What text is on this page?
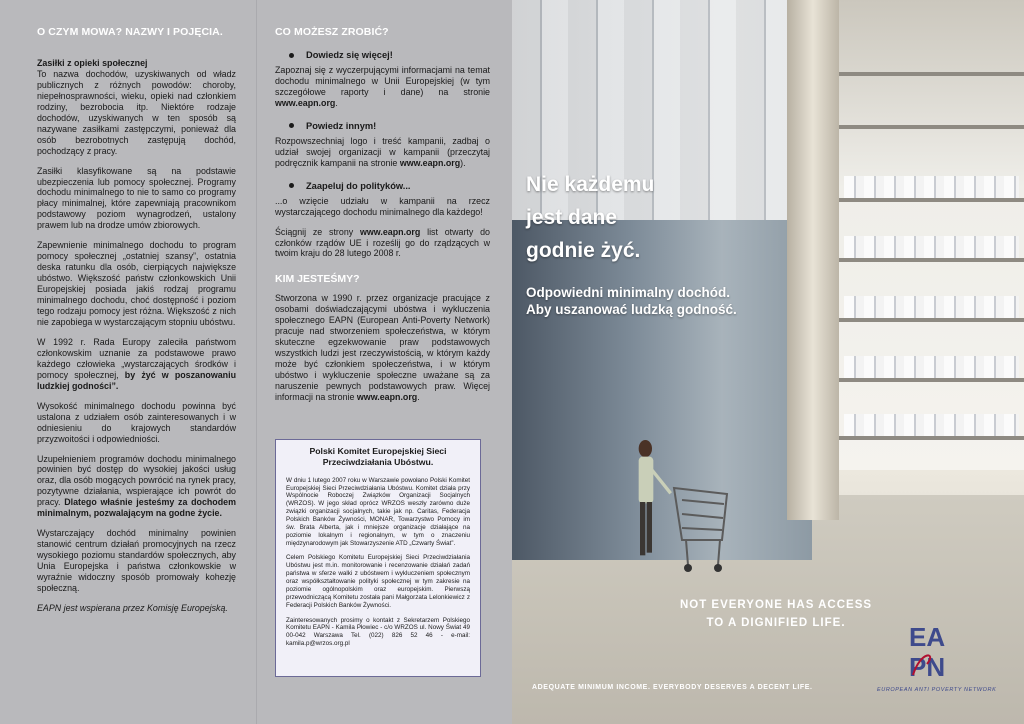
O CZYM MOWA? NAZWY I POJĘCIA.

Zasiłki z opieki społecznej

To nazwa dochodów, uzyskiwanych od władz publicznych z różnych powodów: choroby, niepełnosprawności, wieku, opieki nad członkiem rodziny, bezrobocia itp. Niektóre rodzaje dochodów, uzyskiwanych w ten sposób są nazywane zasiłkami zastępczymi, ponieważ dla osób bezrobotnych zastępują dochód, pochodzący z pracy.

Zasiłki klasyfikowane są na podstawie ubezpieczenia lub pomocy społecznej. Programy dochodu minimalnego to nie to samo co programy płacy minimalnej, które zapewniają pracownikom podstawowy poziom wynagrodzeń, ustalony prawem lub na drodze umów zbiorowych.

Zapewnienie minimalnego dochodu to program pomocy społecznej „ostatniej szansy”, ostatnia deska ratunku dla osób, cierpiących największe ubóstwo. Większość państw członkowskich Unii Europejskiej posiada jakiś rodzaj programu minimalnego dochodu, choć dostępność i poziom tego rodzaju pomocy jest różna. Większość z nich nie zapobiega w wystarczającym stopniu ubóstwu.

W 1992 r. Rada Europy zaleciła państwom członkowskim uznanie za podstawowe prawo każdego człowieka „wystarczających środków i pomocy społecznej, by żyć w poszanowaniu ludzkiej godności”.

Wysokość minimalnego dochodu powinna być ustalona z udziałem osób zainteresowanych i w odniesieniu do krajowych standardów przyzwoitości i odpowiedniości.

Uzupełnieniem programów dochodu minimalnego powinien być dostęp do wysokiej jakości usług oraz, dla osób mogących powrócić na rynek pracy, pozytywne działania, wspierające ich powrót do pracy. Dlatego właśnie jesteśmy za dochodem minimalnym, pozwalającym na godne życie.

Wystarczający dochód minimalny powinien stanowić centrum działań promocyjnych na rzecz wysokiego poziomu standardów społecznych, aby Unia Europejska i państwa członkowskie w wyraźnie widoczny sposób promowały kohezję społeczną.

EAPN jest wspierana przez Komisję Europejską.

CO MOŻESZ ZROBIĆ?
Dowiedz się więcej!

Zapoznaj się z wyczerpującymi informacjami na temat dochodu minimalnego w Unii Europejskiej (w tym szczegółowe raporty i dane) na stronie www.eapn.org.

Powiedz innym!

Rozpowszechniaj logo i treść kampanii, zadbaj o udział swojej organizacji w kampanii (przeczytaj podręcznik kampanii na stronie www.eapn.org).

Zaapeluj do polityków...

...o wzięcie udziału w kampanii na rzecz wystarczającego dochodu minimalnego dla każdego!

Ściągnij ze strony www.eapn.org list otwarty do członków rządów UE i roześlij go do rządzących w twoim kraju do 28 lutego 2008 r.

KIM JESTEŚMY?

Stworzona w 1990 r. przez organizacje pracujące z osobami doświadczającymi ubóstwa i wykluczenia społecznego EAPN (European Anti-Poverty Network) pracuje nad stworzeniem społeczeństwa, w którym skuteczne egzekwowanie praw podstawowych wszystkich ludzi jest rzeczywistością, w którym każdy może być członkiem społeczeństwa, i w którym ubóstwo i wykluczenie społeczne uważane są za naruszenie pewnych podstawowych praw. Więcej informacji na stronie www.eapn.org.

Polski Komitet Europejskiej Sieci Przeciwdziałania Ubóstwu.

W dniu 1 lutego 2007 roku w Warszawie powołano Polski Komitet Europejskiej Sieci Przeciwdziałania Ubóstwu. Komitet działa przy Wspólnocie Roboczej Związków Organizacji Socjalnych (WRZOS). W jego skład oprócz WRZOS weszły zarówno duże związki organizacji socjalnych, takie jak np. Caritas, Federacja Polskich Banków Żywności, MONAR, Towarzystwo Pomocy im św. Brata Alberta, jak i mniejsze organizacje działające na poziomie lokalnym i regionalnym, w tym o znaczeniu międzynarodowym jak Stowarzyszenie ATD „Czwarty Świat”.

Celem Polskiego Komitetu Europejskiej Sieci Przeciwdziałania Ubóstwu jest m.in. monitorowanie i recenzowanie działań zadań państwa w sferze walki z ubóstwem i wykluczeniem społecznym oraz współkształtowanie polityki społecznej w tym zakresie na poziomie ogólnopolskim oraz europejskim. Pierwszą przewodniczącą Komitetu została pani Małgorzata Lelonkiewicz z Federacji Polskich Banków Żywności.

Zainteresowanych prosimy o kontakt z Sekretarzem Polskiego Komitetu EAPN - Kamila Płowiec - c/o WRZOS ul. Nowy Świat 49 00-042 Warszawa Tel. (022) 826 52 46 - e-mail: kamila.p@wrzos.org.pl

Nie każdemu
jest dane
godnie żyć.
Odpowiedni minimalny dochód.
Aby uszanować ludzką godność.
NOT EVERYONE HAS ACCESS
TO A DIGNIFIED LIFE.
ADEQUATE MINIMUM INCOME. EVERYBODY DESERVES A DECENT LIFE.
EA
PN
EUROPEAN ANTI POVERTY NETWORK
